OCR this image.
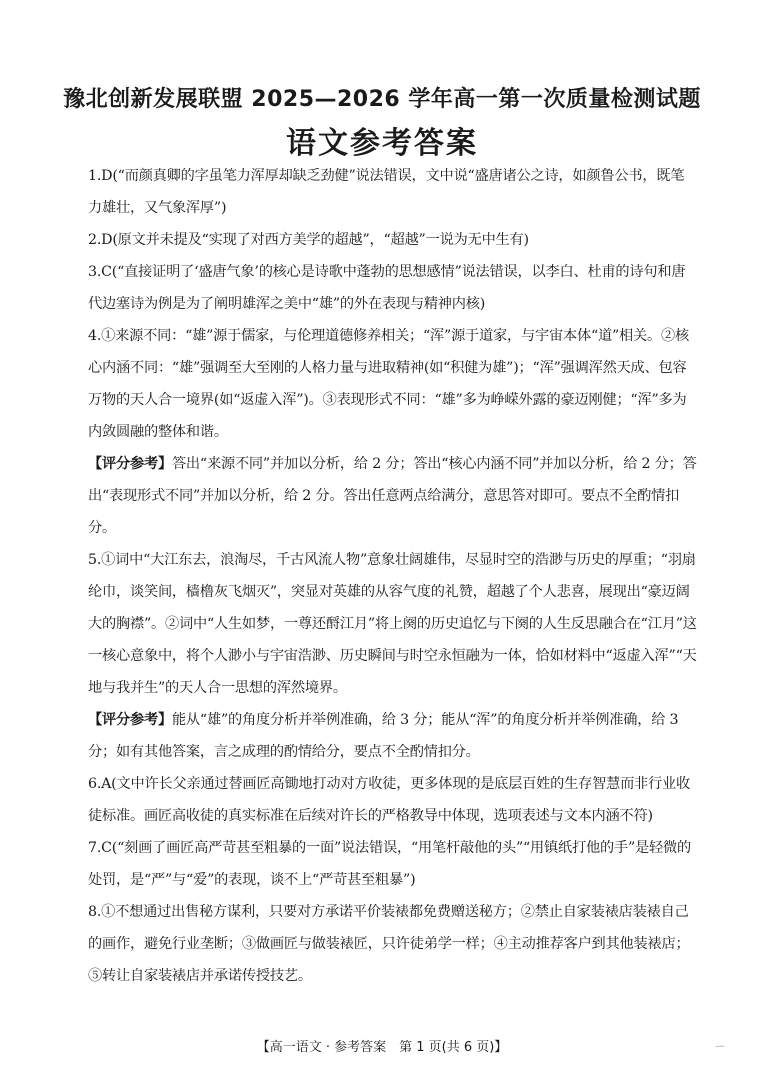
豫北创新发展联盟 2025—2026 学年高一第一次质量检测试题
语文参考答案
1.D(“而颜真卿的字虽笔力浑厚却缺乏劲健”说法错误，文中说“盛唐诸公之诗，如颜鲁公书，既笔力雄壮，又气象浑厚”)
2.D(原文并未提及“实现了对西方美学的超越”，“超越”一说为无中生有)
3.C(“直接证明了‘盛唐气象’的核心是诗歌中蓬勃的思想感情”说法错误，以李白、杜甫的诗句和唐代边塞诗为例是为了阐明雄浑之美中“雄”的外在表现与精神内核)
4.①来源不同：“雄”源于儒家，与伦理道德修养相关；“浑”源于道家，与宇宙本体“道”相关。②核心内涵不同：“雄”强调至大至刚的人格力量与进取精神(如“积健为雄”)；“浑”强调浑然天成、包容万物的天人合一境界(如“返虚入浑”)。③表现形式不同：“雄”多为峥嵘外露的豪迈刚健；“浑”多为内敛圆融的整体和谐。
【评分参考】答出“来源不同”并加以分析，给 2 分；答出“核心内涵不同”并加以分析，给 2 分；答出“表现形式不同”并加以分析，给 2 分。答出任意两点给满分，意思答对即可。要点不全酌情扣分。
5.①词中“大江东去，浪淘尽，千古风流人物”意象壮阔雄伟，尽显时空的浩渺与历史的厚重；“羽扇纶巾，谈笑间，樯橹灰飞烟灭”，突显对英雄的从容气度的礼赞，超越了个人悲喜，展现出“豪迈阔大的胸襟”。②词中“人生如梦，一尊还酹江月”将上阕的历史追忆与下阕的人生反思融合在“江月”这一核心意象中，将个人渺小与宇宙浩渺、历史瞬间与时空永恒融为一体，恰如材料中“返虚入浑”“天地与我并生”的天人合一思想的浑然境界。
【评分参考】能从“雄”的角度分析并举例准确，给 3 分；能从“浑”的角度分析并举例准确，给 3 分；如有其他答案，言之成理的酌情给分，要点不全酌情扣分。
6.A(文中许长父亲通过替画匠高锄地打动对方收徒，更多体现的是底层百姓的生存智慧而非行业收徒标准。画匠高收徒的真实标准在后续对许长的严格教导中体现，选项表述与文本内涵不符)
7.C(“刻画了画匠高严苛甚至粗暴的一面”说法错误，“用笔杆敲他的头”“用镇纸打他的手”是轻微的处罚，是“严”与“爱”的表现，谈不上“严苛甚至粗暴”)
8.①不想通过出售秘方谋利，只要对方承诺平价装裱都免费赠送秘方；②禁止自家装裱店装裱自己的画作，避免行业垄断；③做画匠与做装裱匠，只许徒弟学一样；④主动推荐客户到其他装裱店；⑤转让自家装裱店并承诺传授技艺。
【高一语文 · 参考答案　第 1 页(共 6 页)】	ㅡ
